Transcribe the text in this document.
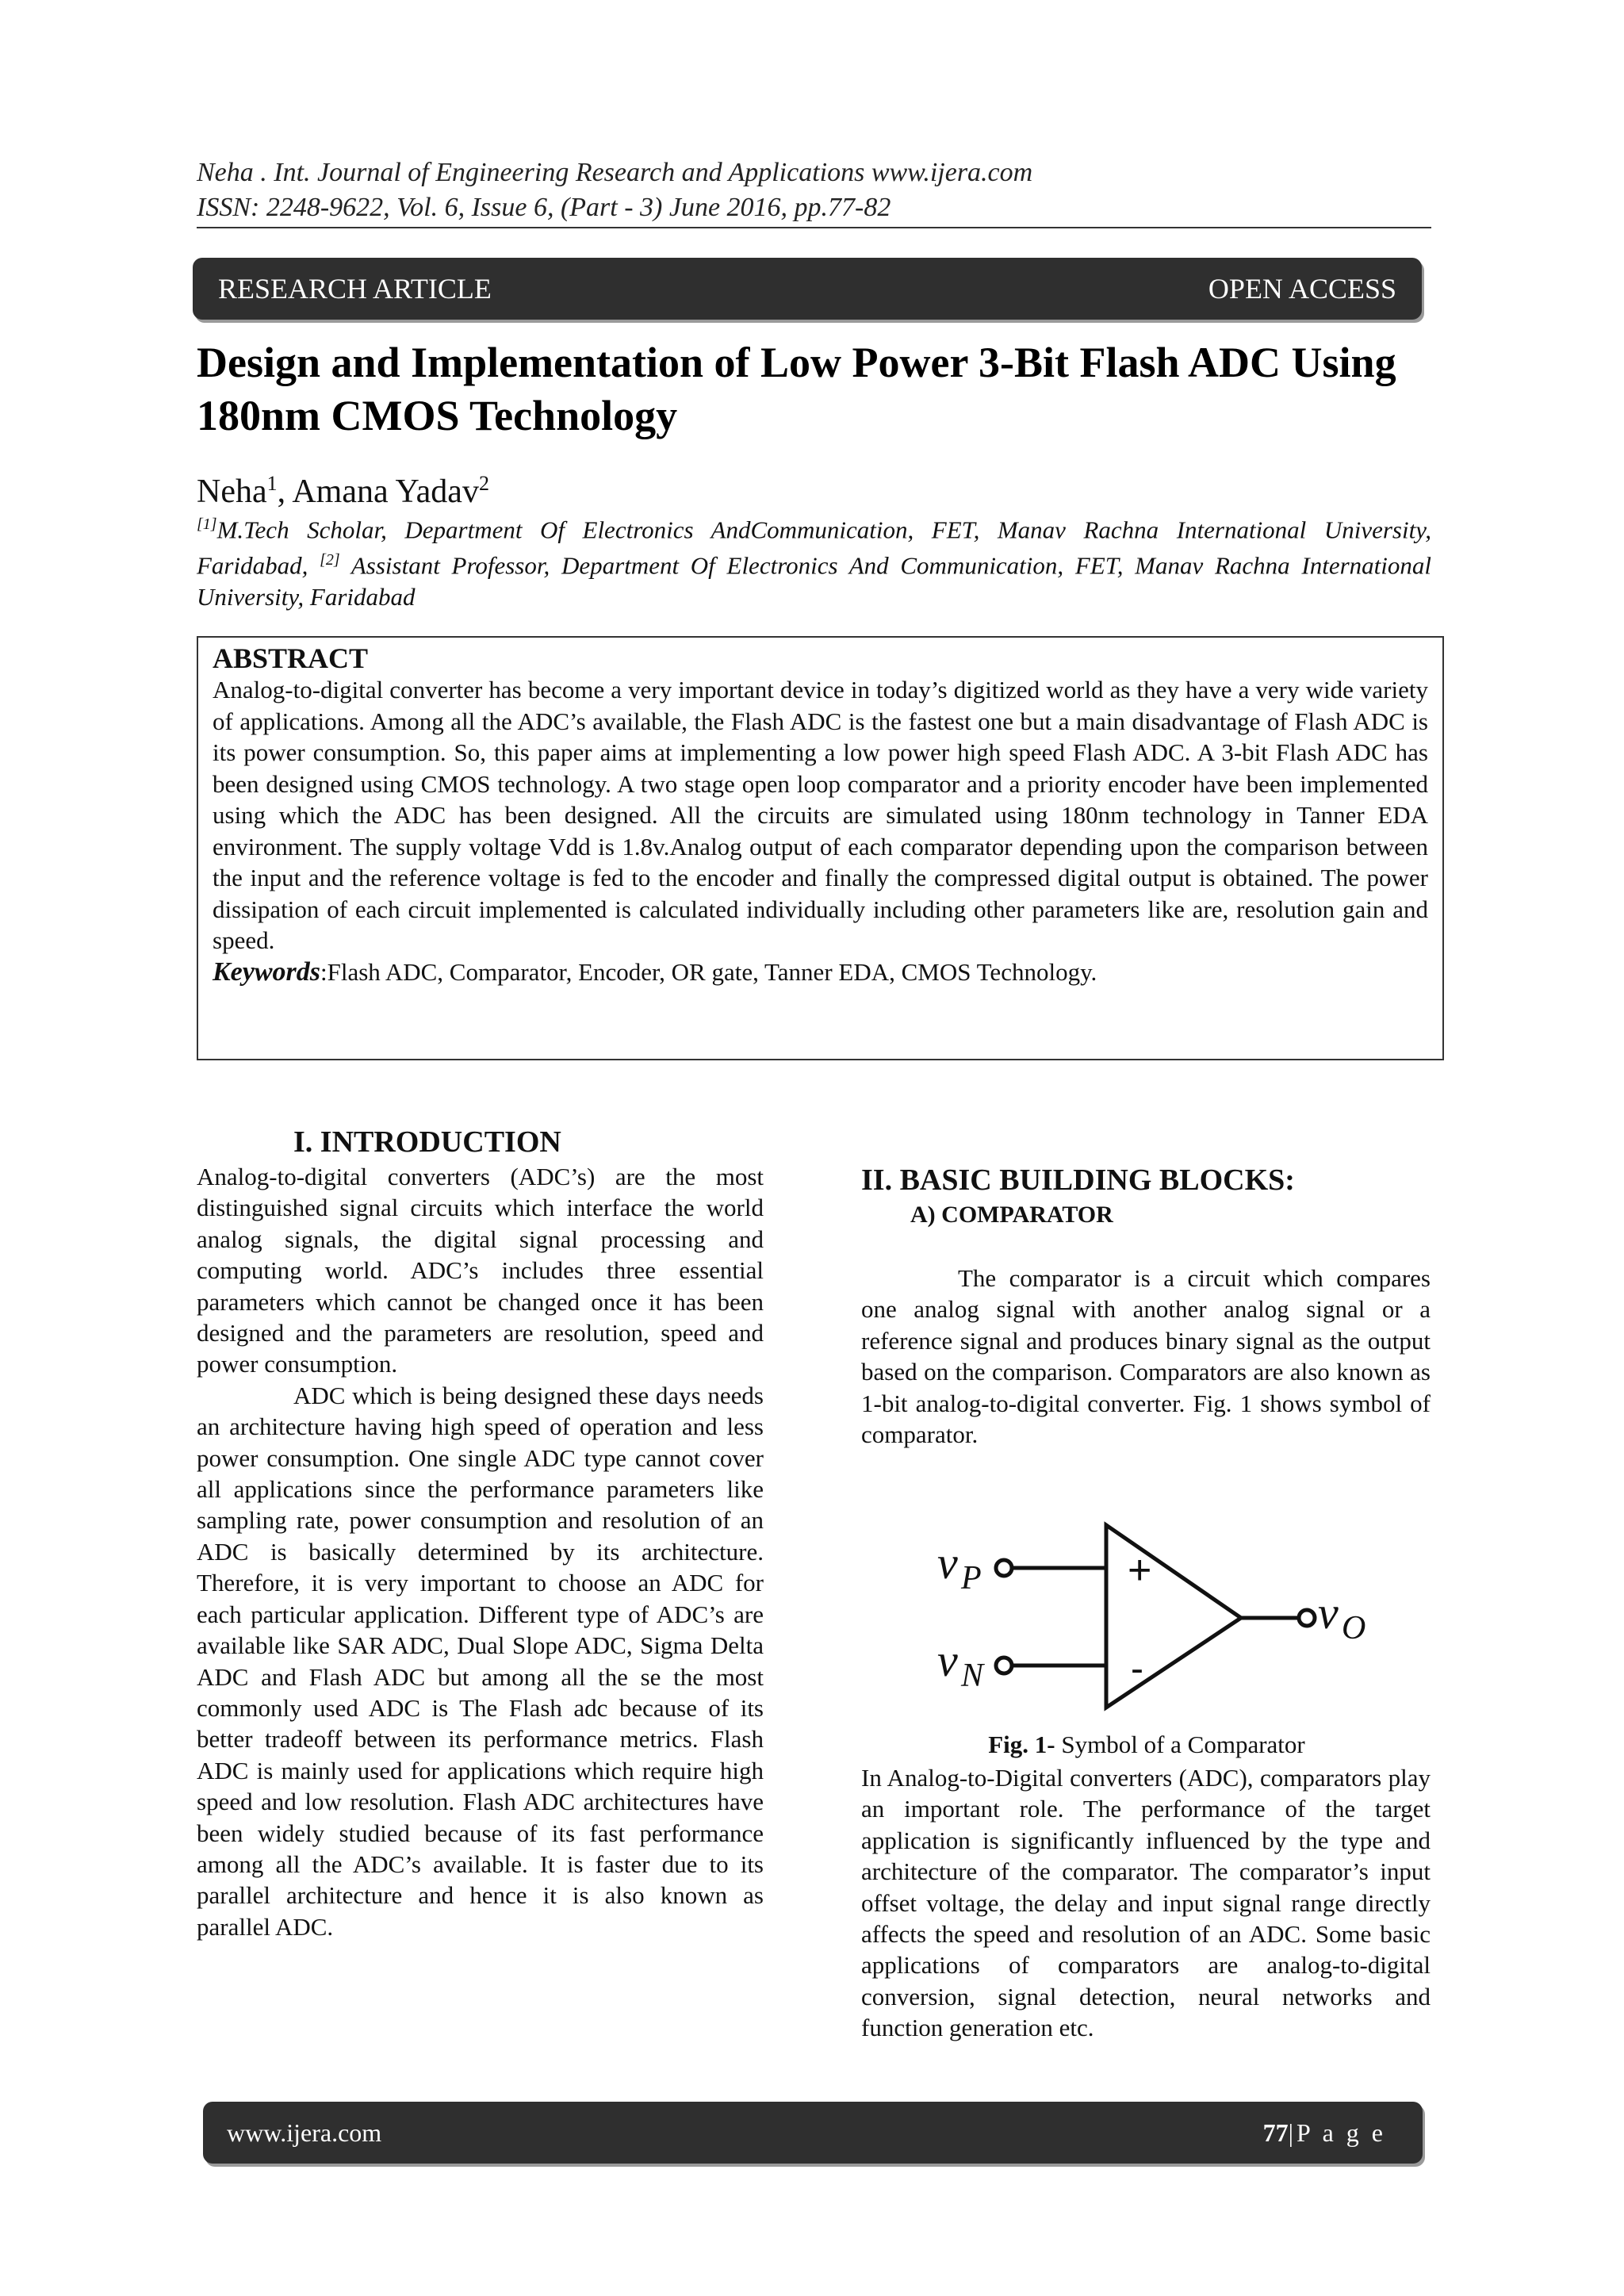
Neha . Int. Journal of Engineering Research and Applications www.ijera.com
ISSN: 2248-9622, Vol. 6, Issue 6, (Part - 3) June 2016, pp.77-82
RESEARCH ARTICLE	OPEN ACCESS
Design and Implementation of Low Power 3-Bit Flash ADC Using 180nm CMOS Technology
Neha$^1$, Amana Yadav$^2$
[1]M.Tech Scholar, Department Of Electronics AndCommunication, FET, Manav Rachna International University, Faridabad, [2] Assistant Professor, Department Of Electronics And Communication, FET, Manav Rachna International University, Faridabad
ABSTRACT
Analog-to-digital converter has become a very important device in today’s digitized world as they have a very wide variety of applications. Among all the ADC’s available, the Flash ADC is the fastest one but a main disadvantage of Flash ADC is its power consumption. So, this paper aims at implementing a low power high speed Flash ADC. A 3-bit Flash ADC has been designed using CMOS technology. A two stage open loop comparator and a priority encoder have been implemented using which the ADC has been designed. All the circuits are simulated using 180nm technology in Tanner EDA environment. The supply voltage Vdd is 1.8v.Analog output of each comparator depending upon the comparison between the input and the reference voltage is fed to the encoder and finally the compressed digital output is obtained. The power dissipation of each circuit implemented is calculated individually including other parameters like are, resolution gain and speed.
Keywords:Flash ADC, Comparator, Encoder, OR gate, Tanner EDA, CMOS Technology.
I. INTRODUCTION

Analog-to-digital converters (ADC’s) are the most distinguished signal circuits which interface the world analog signals, the digital signal processing and computing world. ADC’s includes three essential parameters which cannot be changed once it has been designed and the parameters are resolution, speed and power consumption.

ADC which is being designed these days needs an architecture having high speed of operation and less power consumption. One single ADC type cannot cover all applications since the performance parameters like sampling rate, power consumption and resolution of an ADC is basically determined by its architecture. Therefore, it is very important to choose an ADC for each particular application. Different type of ADC’s are available like SAR ADC, Dual Slope ADC, Sigma Delta ADC and Flash ADC but among all the se the most commonly used ADC is The Flash adc because of its better tradeoff between its performance metrics. Flash ADC is mainly used for applications which require high speed and low resolution. Flash ADC architectures have been widely studied because of its fast performance among all the ADC’s available. It is faster due to its parallel architecture and hence it is also known as parallel ADC.

II. BASIC BUILDING BLOCKS:
A) COMPARATOR

The comparator is a circuit which compares one analog signal with another analog signal or a reference signal and produces binary signal as the output based on the comparison. Comparators are also known as 1-bit analog-to-digital converter. Fig. 1 shows symbol of comparator.

+
-
v P
v N
v O
Fig. 1- Symbol of a Comparator

In Analog-to-Digital converters (ADC), comparators play an important role. The performance of the target application is significantly influenced by the type and architecture of the comparator. The comparator’s input offset voltage, the delay and input signal range directly affects the speed and resolution of an ADC. Some basic applications of comparators are analog-to-digital conversion, signal detection, neural networks and function generation etc.

www.ijera.com	77|P a g e
